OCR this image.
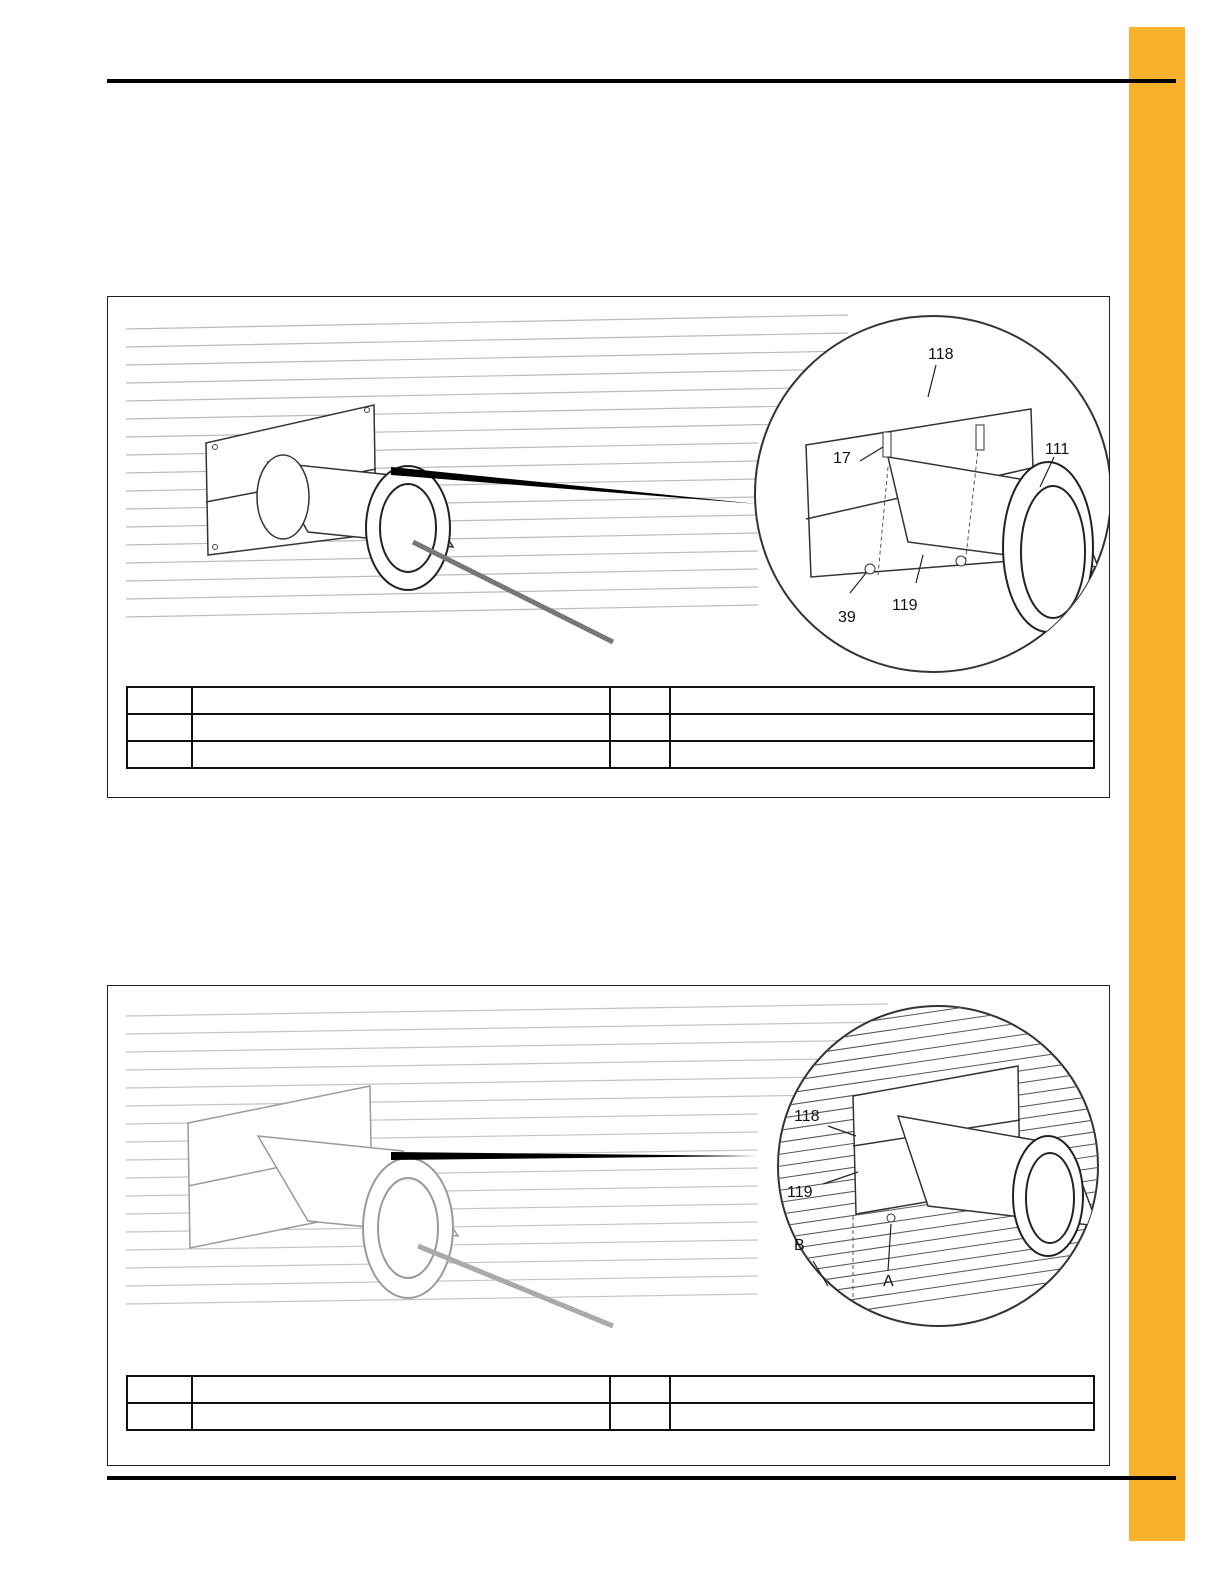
118
111
17
39
119

118
119
B
A
